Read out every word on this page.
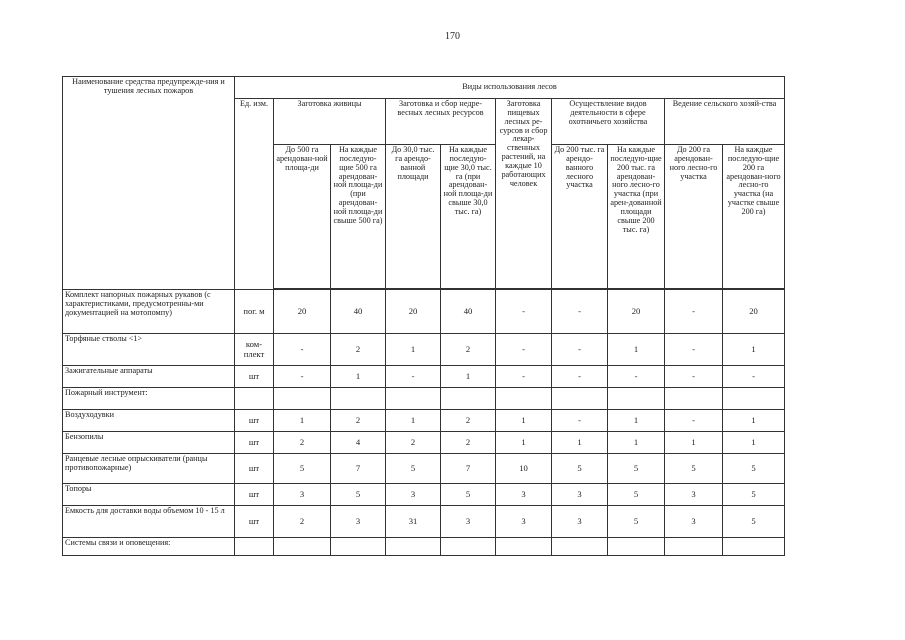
170
Наименование средства предупрежде-ния и тушения лесных пожаров	Виды использования лесов									
	Ед. изм.	Заготовка живицы		Заготовка и сбор недре-весных лесных ресурсов		Заготовка пищевых лесных ре-сурсов и сбор лекар-ственных растений, на каждые 10 работающих человек	Осуществление видов деятельности в сфере охотничьего хозяйства		Ведение сельского хозяй-ства	
		До 500 га арендован-ной площа-ди	На каждые последую-щие 500 га арендован-ной площа-ди (при арендован-ной площа-ди свыше 500 га)	До 30,0 тыс. га арендо-ванной площади	На каждые последую-щие 30,0 тыс. га (при арендован-ной площа-ди свыше 30,0 тыс. га)		До 200 тыс. га арендо-ванного лесного участка	На каждые последую-щие 200 тыс. га арендован-ного лесно-го участка (при арен-дованной площади свыше 200 тыс. га)	До 200 га арендован-ного лесно-го участка	На каждые последую-щие 200 га арендован-ного лесно-го участка (на участке свыше 200 га)

Комплект напорных пожарных рукавов (с характеристиками, предусмотренны-ми документацией на мотопомпу)	пог. м	20	40	20	40	-	-	20	-	20
Торфяные стволы <1>	ком-плект	-	2	1	2	-	-	1	-	1
Зажигательные аппараты	шт	-	1	-	1	-	-	-	-	-
Пожарный инструмент:										
Воздуходувки	шт	1	2	1	2	1	-	1	-	1
Бензопилы	шт	2	4	2	2	1	1	1	1	1
Ранцевые лесные опрыскиватели (ранцы противопожарные)	шт	5	7	5	7	10	5	5	5	5
Топоры	шт	3	5	3	5	3	3	5	3	5
Емкость для доставки воды объемом 10 - 15 л	шт	2	3	31	3	3	3	5	3	5
Системы связи и оповещения:										
